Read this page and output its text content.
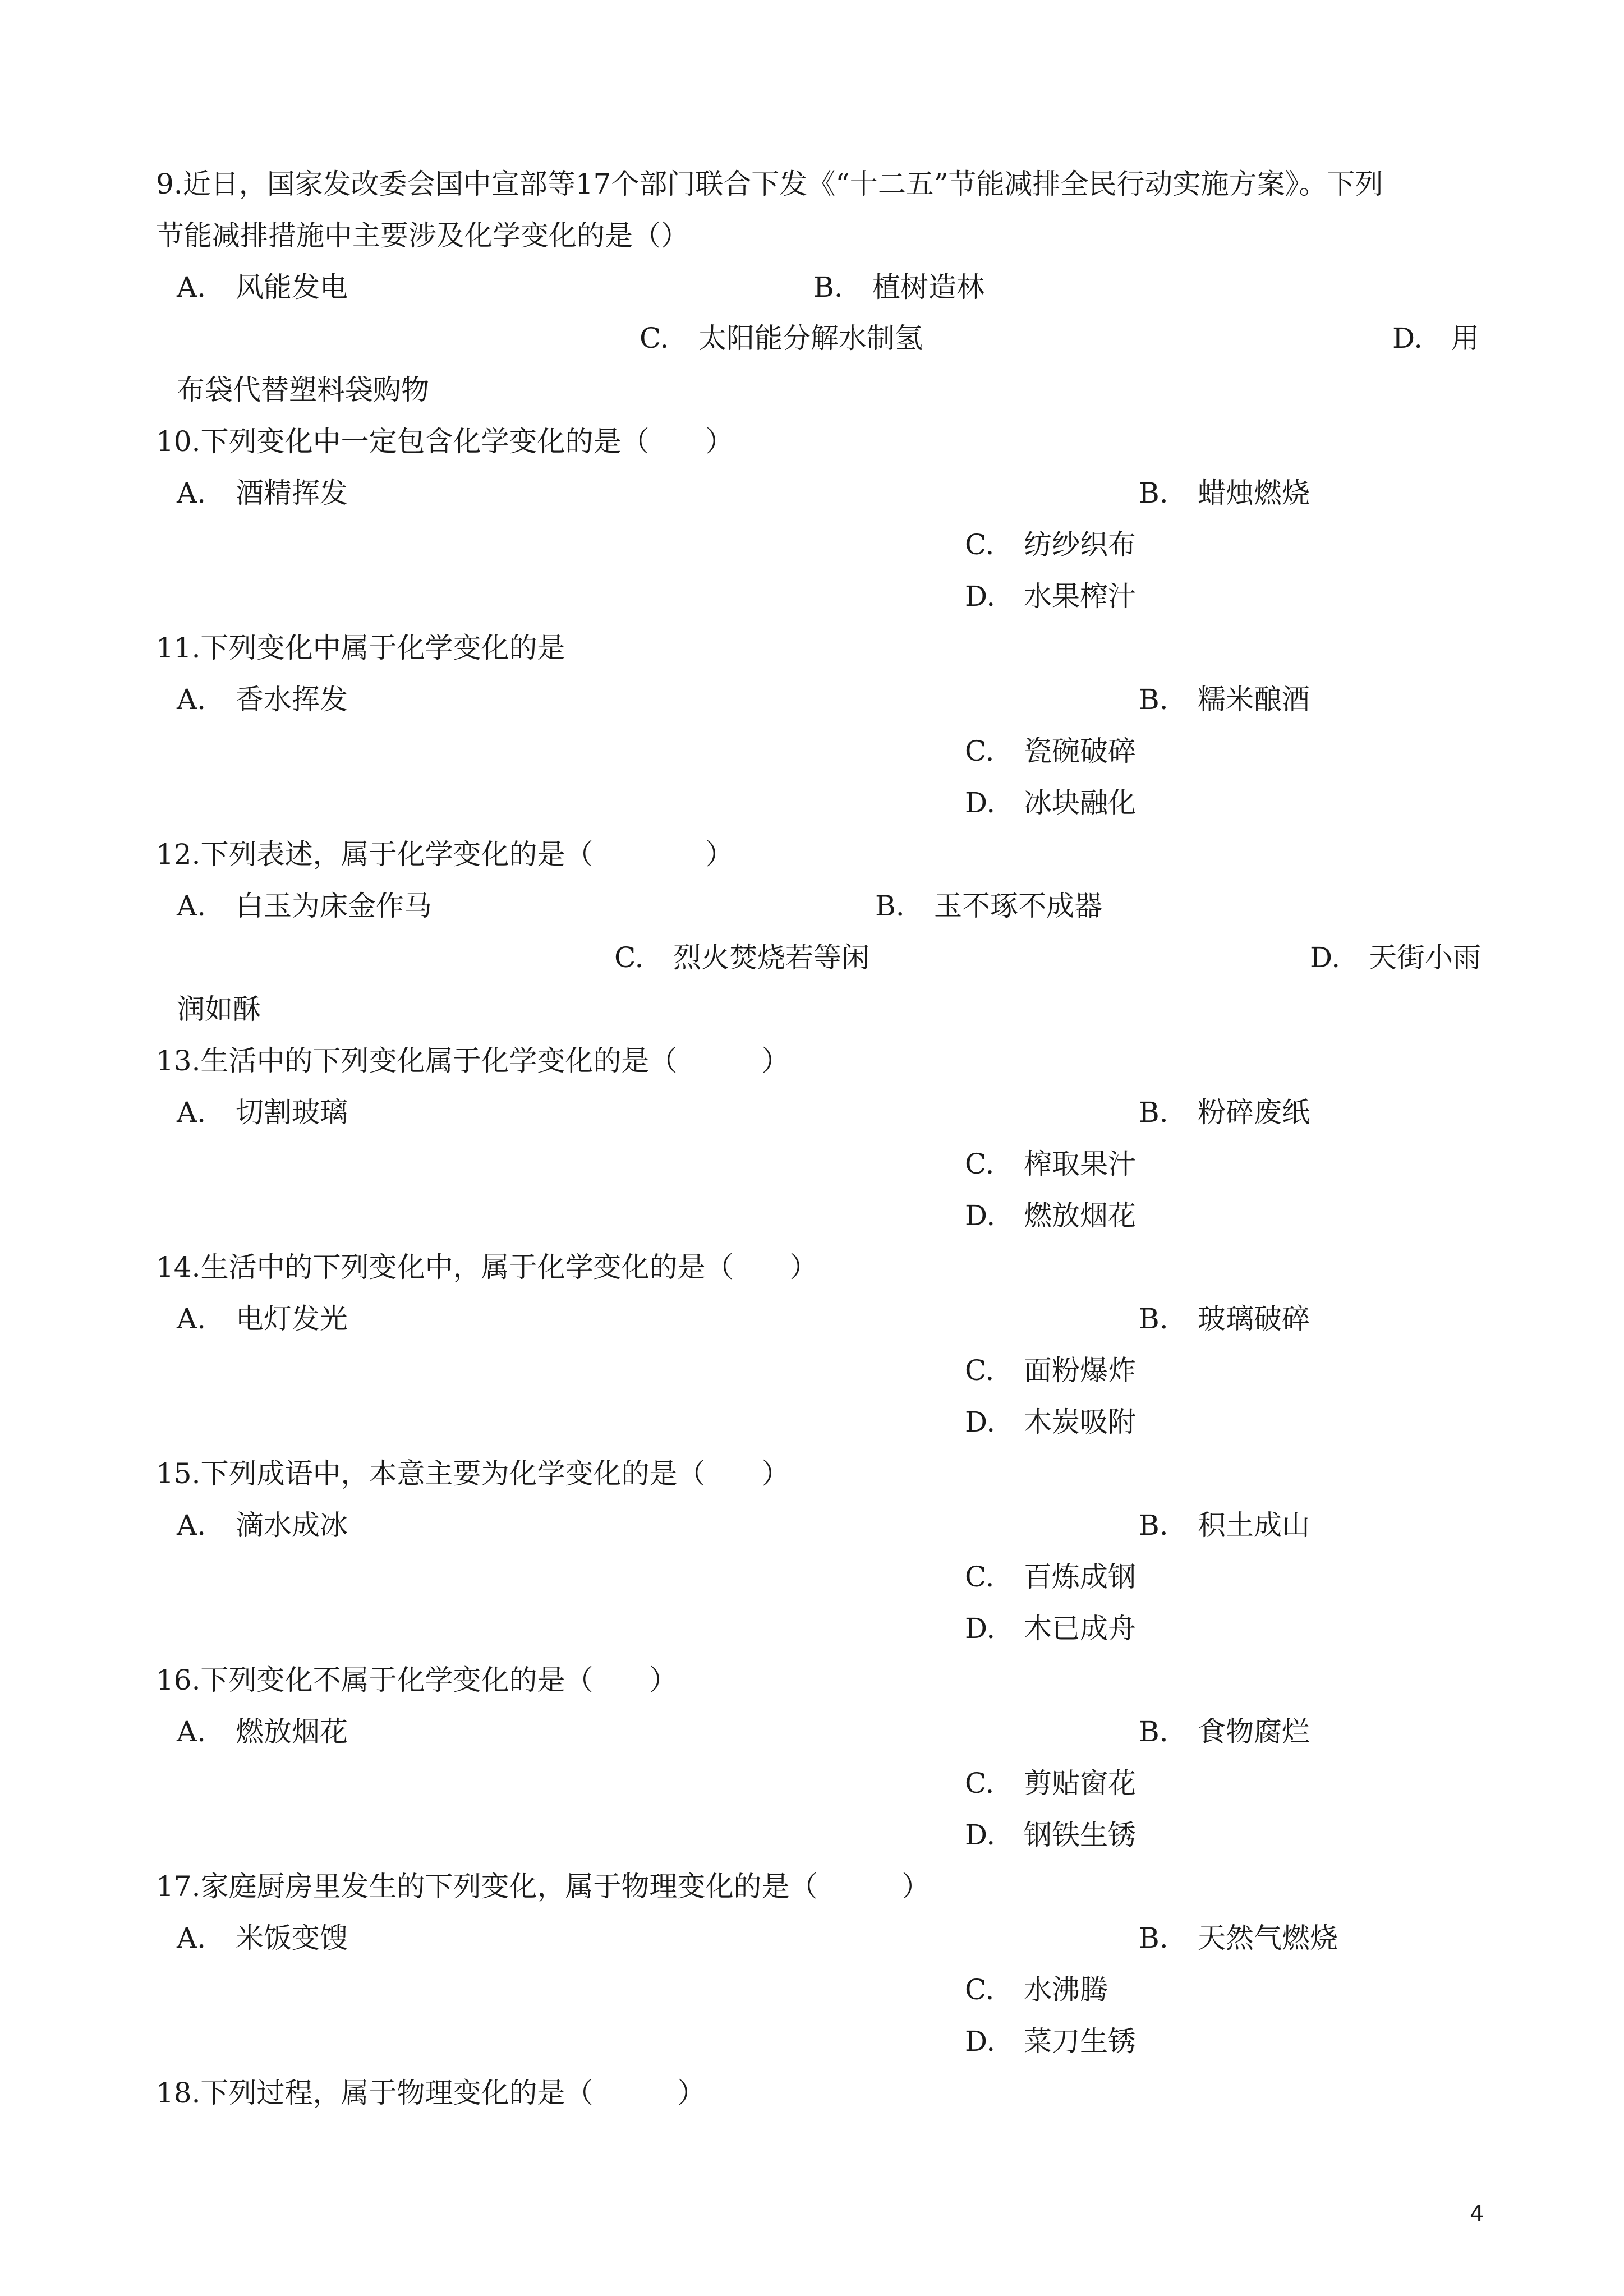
9.近日，国家发改委会国中宣部等17个部门联合下发《“十二五”节能减排全民行动实施方案》。下列
节能减排措施中主要涉及化学变化的是（）
A. 风能发电	B. 植树造林
C. 太阳能分解水制氢	D. 用
布袋代替塑料袋购物
10.下列变化中一定包含化学变化的是（　　）
A. 酒精挥发	B. 蜡烛燃烧
C. 纺纱织布
D. 水果榨汁
11.下列变化中属于化学变化的是
A. 香水挥发	B. 糯米酿酒
C. 瓷碗破碎
D. 冰块融化
12.下列表述，属于化学变化的是（　　　　）
A. 白玉为床金作马	B. 玉不琢不成器
C. 烈火焚烧若等闲	D. 天街小雨
润如酥
13.生活中的下列变化属于化学变化的是（　　　）
A. 切割玻璃	B. 粉碎废纸
C. 榨取果汁
D. 燃放烟花
14.生活中的下列变化中，属于化学变化的是（　　）
A. 电灯发光	B. 玻璃破碎
C. 面粉爆炸
D. 木炭吸附
15.下列成语中，本意主要为化学变化的是（　　）
A. 滴水成冰	B. 积土成山
C. 百炼成钢
D. 木已成舟
16.下列变化不属于化学变化的是（　　）
A. 燃放烟花	B. 食物腐烂
C. 剪贴窗花
D. 钢铁生锈
17.家庭厨房里发生的下列变化，属于物理变化的是（　　　）
A. 米饭变馊	B. 天然气燃烧
C. 水沸腾
D. 菜刀生锈
18.下列过程，属于物理变化的是（　　　）
4
